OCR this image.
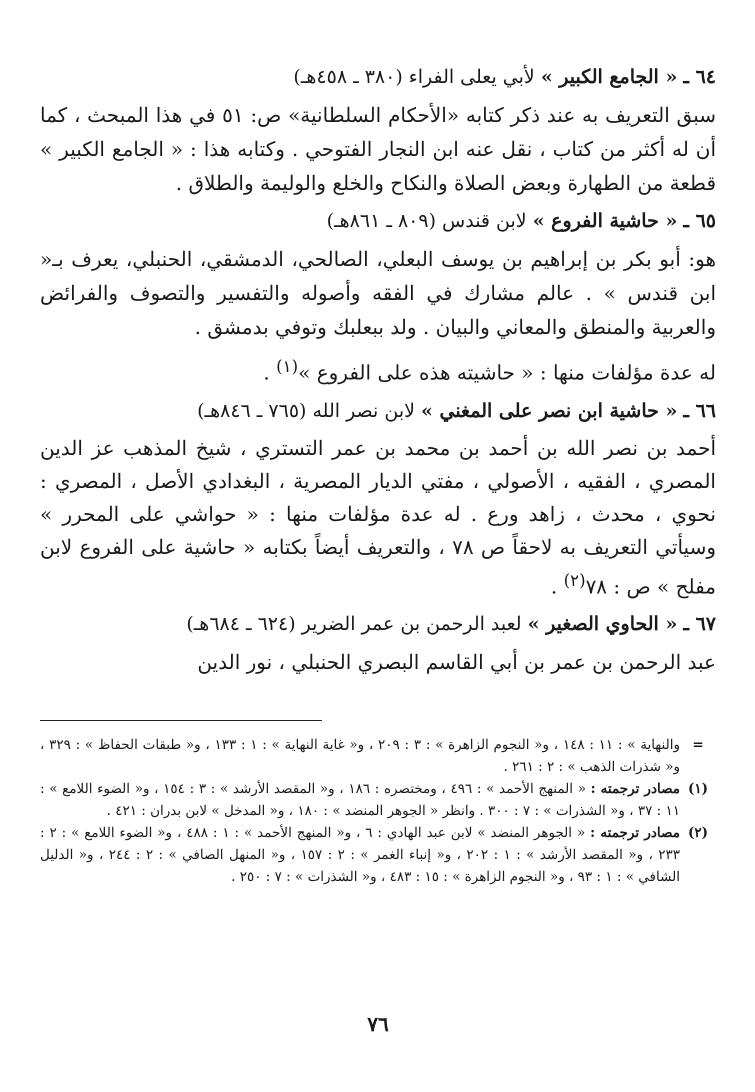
٦٤ ـ « الجامع الكبير » لأبي يعلى الفراء (٣٨٠ ـ ٤٥٨هـ)

سبق التعريف به عند ذكر كتابه «الأحكام السلطانية» ص: ٥١ في هذا المبحث ، كما أن له أكثر من كتاب ، نقل عنه ابن النجار الفتوحي . وكتابه هذا : « الجامع الكبير » قطعة من الطهارة وبعض الصلاة والنكاح والخلع والوليمة والطلاق .

٦٥ ـ « حاشية الفروع » لابن قندس (٨٠٩ ـ ٨٦١هـ)

هو: أبو بكر بن إبراهيم بن يوسف البعلي، الصالحي، الدمشقي، الحنبلي، يعرف بـ« ابن قندس » . عالم مشارك في الفقه وأصوله والتفسير والتصوف والفرائض والعربية والمنطق والمعاني والبيان . ولد ببعلبك وتوفي بدمشق .

له عدة مؤلفات منها : « حاشيته هذه على الفروع »$^{(١)}$ .

٦٦ ـ « حاشية ابن نصر على المغني » لابن نصر الله (٧٦٥ ـ ٨٤٦هـ)

أحمد بن نصر الله بن أحمد بن محمد بن عمر التستري ، شيخ المذهب عز الدين المصري ، الفقيه ، الأصولي ، مفتي الديار المصرية ، البغدادي الأصل ، المصري : نحوي ، محدث ، زاهد ورع . له عدة مؤلفات منها : « حواشي على المحرر » وسيأتي التعريف به لاحقاً ص ٧٨ ، والتعريف أيضاً بكتابه « حاشية على الفروع لابن مفلح » ص : ٧٨$^{(٢)}$ .

٦٧ ـ « الحاوي الصغير » لعبد الرحمن بن عمر الضرير (٦٢٤ ـ ٦٨٤هـ)

عبد الرحمن بن عمر بن أبي القاسم البصري الحنبلي ، نور الدين

=
والنهاية » : ١١ : ١٤٨ ، و« النجوم الزاهرة » : ٣ : ٢٠٩ ، و« غاية النهاية » : ١ : ١٣٣ ، و« طبقات الحفاظ » : ٣٢٩ ، و« شذرات الذهب » : ٢ : ٢٦١ .
(١)
مصادر ترجمته : « المنهج الأحمد » : ٤٩٦ ، ومختصره : ١٨٦ ، و« المقصد الأرشد » : ٣ : ١٥٤ ، و« الضوء اللامع » : ١١ : ٣٧ ، و« الشذرات » : ٧ : ٣٠٠ . وانظر « الجوهر المنضد » : ١٨٠ ، و« المدخل » لابن بدران : ٤٢١ .
(٢)
مصادر ترجمته : « الجوهر المنضد » لابن عبد الهادي : ٦ ، و« المنهج الأحمد » : ١ : ٤٨٨ ، و« الضوء اللامع » : ٢ : ٢٣٣ ، و« المقصد الأرشد » : ١ : ٢٠٢ ، و« إنباء الغمر » : ٢ : ١٥٧ ، و« المنهل الصافي » : ٢ : ٢٤٤ ، و« الدليل الشافي » : ١ : ٩٣ ، و« النجوم الزاهرة » : ١٥ : ٤٨٣ ، و« الشذرات » : ٧ : ٢٥٠ .
٧٦
